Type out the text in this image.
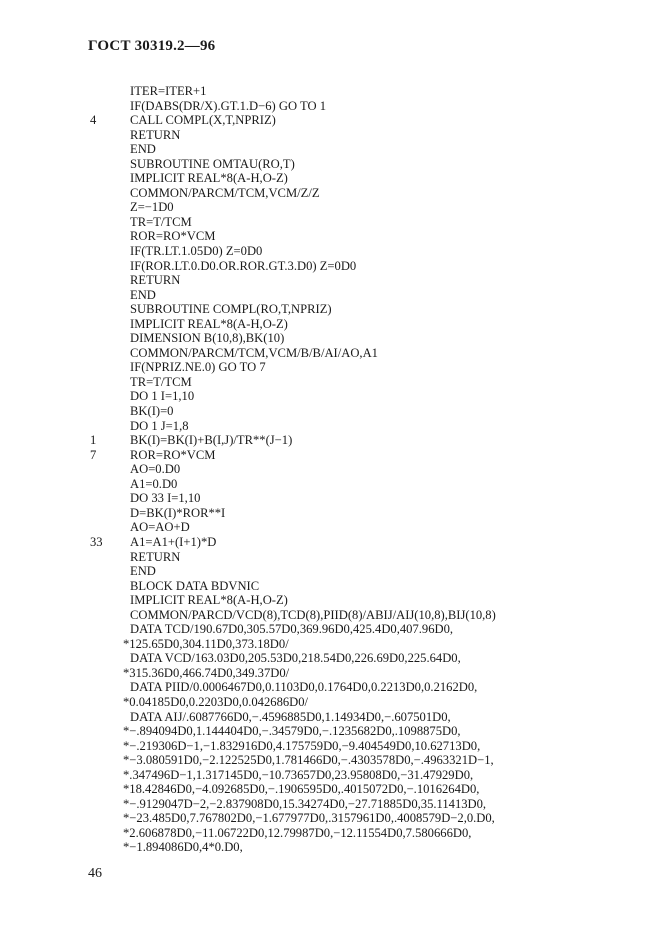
ГОСТ 30319.2—96
ITER=ITER+1
IF(DABS(DR/X).GT.1.D−6) GO TO 1
4	CALL COMPL(X,T,NPRIZ)
RETURN
END
SUBROUTINE OMTAU(RO,T)
IMPLICIT REAL*8(A-H,O-Z)
COMMON/PARCM/TCM,VCM/Z/Z
Z=−1D0
TR=T/TCM
ROR=RO*VCM
IF(TR.LT.1.05D0) Z=0D0
IF(ROR.LT.0.D0.OR.ROR.GT.3.D0) Z=0D0
RETURN
END
SUBROUTINE COMPL(RO,T,NPRIZ)
IMPLICIT REAL*8(A-H,O-Z)
DIMENSION B(10,8),BK(10)
COMMON/PARCM/TCM,VCM/B/B/AI/AO,A1
IF(NPRIZ.NE.0) GO TO 7
TR=T/TCM
DO 1 I=1,10
BK(I)=0
DO 1 J=1,8
1	BK(I)=BK(I)+B(I,J)/TR**(J−1)
7	ROR=RO*VCM
AO=0.D0
A1=0.D0
DO 33 I=1,10
D=BK(I)*ROR**I
AO=AO+D
33 A1=A1+(I+1)*D
RETURN
END
BLOCK DATA BDVNIC
IMPLICIT REAL*8(A-H,O-Z)
COMMON/PARCD/VCD(8),TCD(8),PIID(8)/ABIJ/AIJ(10,8),BIJ(10,8)
DATA TCD/190.67D0,305.57D0,369.96D0,425.4D0,407.96D0,
*125.65D0,304.11D0,373.18D0/
DATA VCD/163.03D0,205.53D0,218.54D0,226.69D0,225.64D0,
*315.36D0,466.74D0,349.37D0/
DATA PIID/0.0006467D0,0.1103D0,0.1764D0,0.2213D0,0.2162D0,
*0.04185D0,0.2203D0,0.042686D0/
DATA AIJ/.6087766D0,−.4596885D0,1.14934D0,−.607501D0,
*−.894094D0,1.144404D0,−.34579D0,−.1235682D0,.1098875D0,
*−.219306D−1,−1.832916D0,4.175759D0,−9.404549D0,10.62713D0,
*−3.080591D0,−2.122525D0,1.781466D0,−.4303578D0,−.4963321D−1,
*.347496D−1,1.317145D0,−10.73657D0,23.95808D0,−31.47929D0,
*18.42846D0,−4.092685D0,−.1906595D0,.4015072D0,−.1016264D0,
*−.9129047D−2,−2.837908D0,15.34274D0,−27.71885D0,35.11413D0,
*−23.485D0,7.767802D0,−1.677977D0,.3157961D0,.4008579D−2,0.D0,
*2.606878D0,−11.06722D0,12.79987D0,−12.11554D0,7.580666D0,
*−1.894086D0,4*0.D0,
46
